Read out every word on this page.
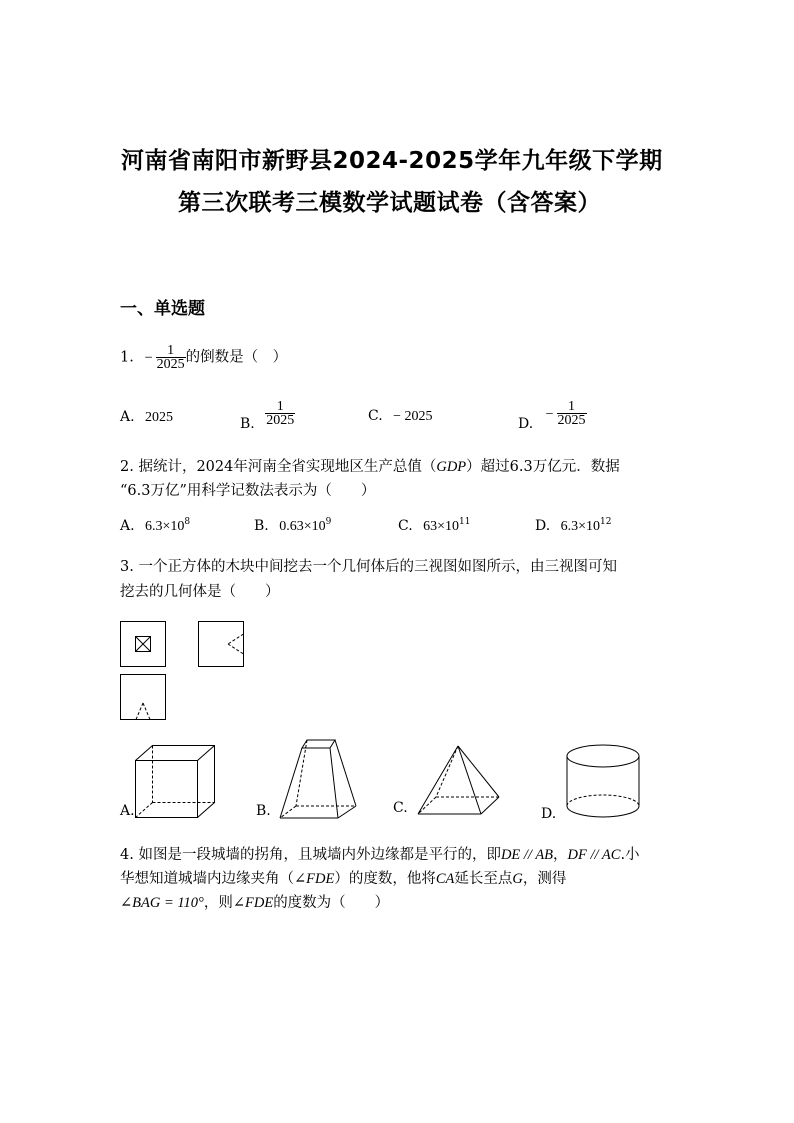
河南省南阳市新野县2024-2025学年九年级下学期
第三次联考三模数学试题试卷（含答案）
一、单选题
1. − $\frac{1}{2025}$ 的倒数是（　）
A. 2025	B. $\frac{1}{2025}$	C. − 2025	D. − $\frac{1}{2025}$
2. 据统计，2024年河南全省实现地区生产总值（GDP）超过6.3万亿元．数据
“6.3万亿”用科学记数法表示为（　　）
A. $6.3\times 10^8$	B. $0.63\times 10^9$	C. $63\times 10^{11}$	D. $6.3\times 10^{12}$
3. 一个正方体的木块中间挖去一个几何体后的三视图如图所示，由三视图可知
挖去的几何体是（　　）
A.	B.	C.	D.
4. 如图是一段城墙的拐角，且城墙内外边缘都是平行的，即DE // AB，DF // AC.小
华想知道城墙内边缘夹角（∠FDE）的度数，他将CA延长至点G，测得
∠BAG = 110°，则∠FDE的度数为（　　）
